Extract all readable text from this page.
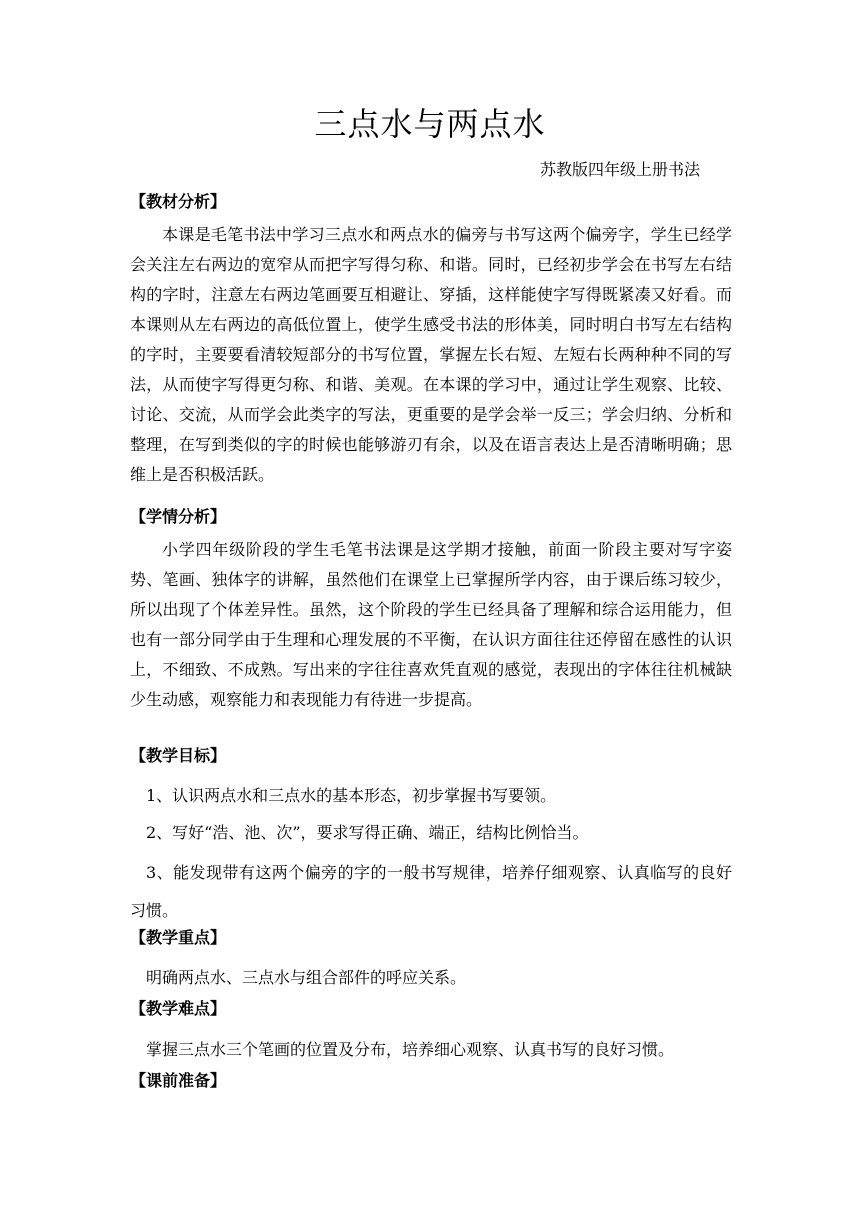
三点水与两点水
苏教版四年级上册书法
【教材分析】
本课是毛笔书法中学习三点水和两点水的偏旁与书写这两个偏旁字，学生已经学会关注左右两边的宽窄从而把字写得匀称、和谐。同时，已经初步学会在书写左右结构的字时，注意左右两边笔画要互相避让、穿插，这样能使字写得既紧凑又好看。而本课则从左右两边的高低位置上，使学生感受书法的形体美，同时明白书写左右结构的字时，主要要看清较短部分的书写位置，掌握左长右短、左短右长两种种不同的写法，从而使字写得更匀称、和谐、美观。在本课的学习中，通过让学生观察、比较、讨论、交流，从而学会此类字的写法，更重要的是学会举一反三；学会归纳、分析和整理，在写到类似的字的时候也能够游刃有余，以及在语言表达上是否清晰明确；思维上是否积极活跃。
【学情分析】
小学四年级阶段的学生毛笔书法课是这学期才接触，前面一阶段主要对写字姿势、笔画、独体字的讲解，虽然他们在课堂上已掌握所学内容，由于课后练习较少，所以出现了个体差异性。虽然，这个阶段的学生已经具备了理解和综合运用能力，但也有一部分同学由于生理和心理发展的不平衡，在认识方面往往还停留在感性的认识上，不细致、不成熟。写出来的字往往喜欢凭直观的感觉，表现出的字体往往机械缺少生动感，观察能力和表现能力有待进一步提高。
【教学目标】
1、认识两点水和三点水的基本形态，初步掌握书写要领。
2、写好“浩、池、次”，要求写得正确、端正，结构比例恰当。
3、能发现带有这两个偏旁的字的一般书写规律，培养仔细观察、认真临写的良好习惯。
【教学重点】
明确两点水、三点水与组合部件的呼应关系。
【教学难点】
掌握三点水三个笔画的位置及分布，培养细心观察、认真书写的良好习惯。
【课前准备】
